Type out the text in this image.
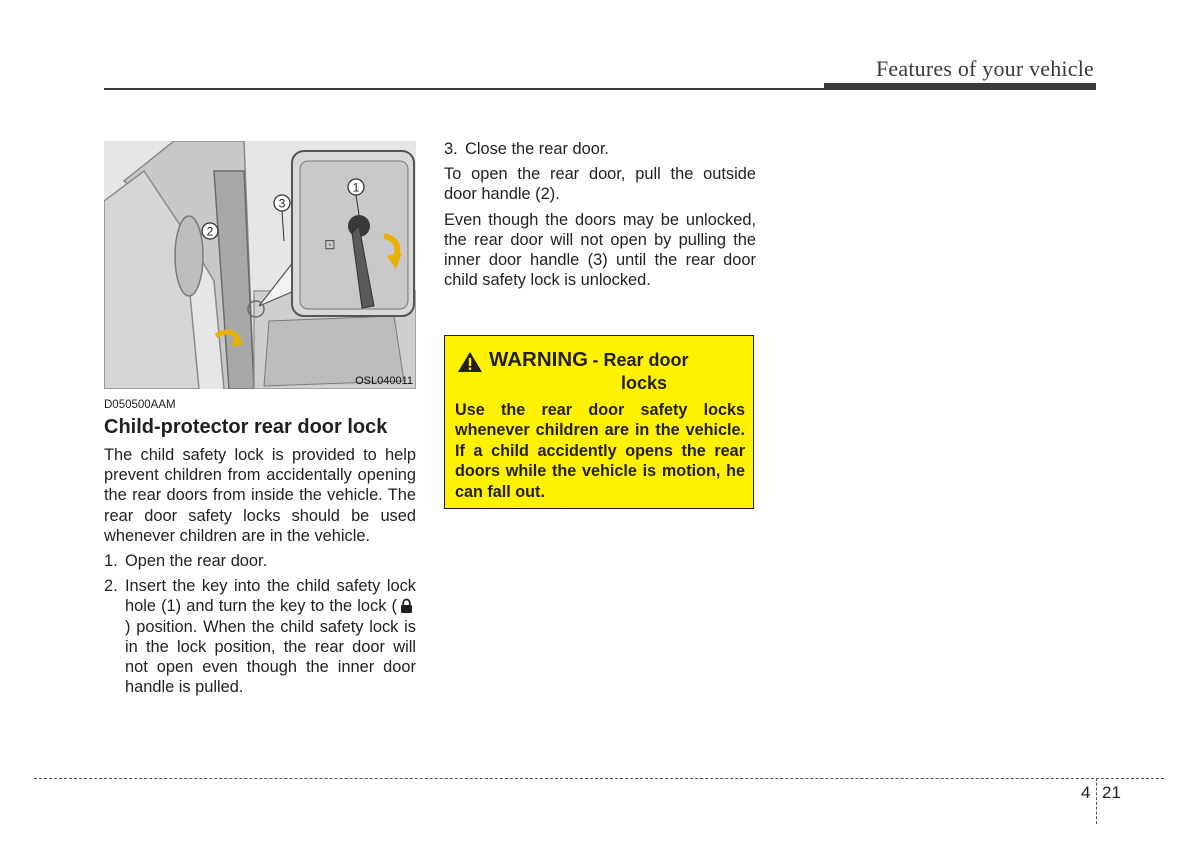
Features of your vehicle
⊡
1
2
3
OSL040011
D050500AAM
Child-protector rear door lock

The child safety lock is provided to help prevent children from accidentally opening the rear doors from inside the vehicle. The rear door safety locks should be used whenever children are in the vehicle.

1. Open the rear door.
2. Insert the key into the child safety lock hole (1) and turn the key to the lock () position. When the child safety lock is in the lock position, the rear door will not open even though the inner door handle is pulled.
3. Close the rear door.

To open the rear door, pull the outside door handle (2).

Even though the doors may be unlocked, the rear door will not open by pulling the inner door handle (3) until the rear door child safety lock is unlocked.

WARNING - Rear door
locks

Use the rear door safety locks whenever children are in the vehicle. If a child accidently opens the rear doors while the vehicle is motion, he can fall out.

4 21
